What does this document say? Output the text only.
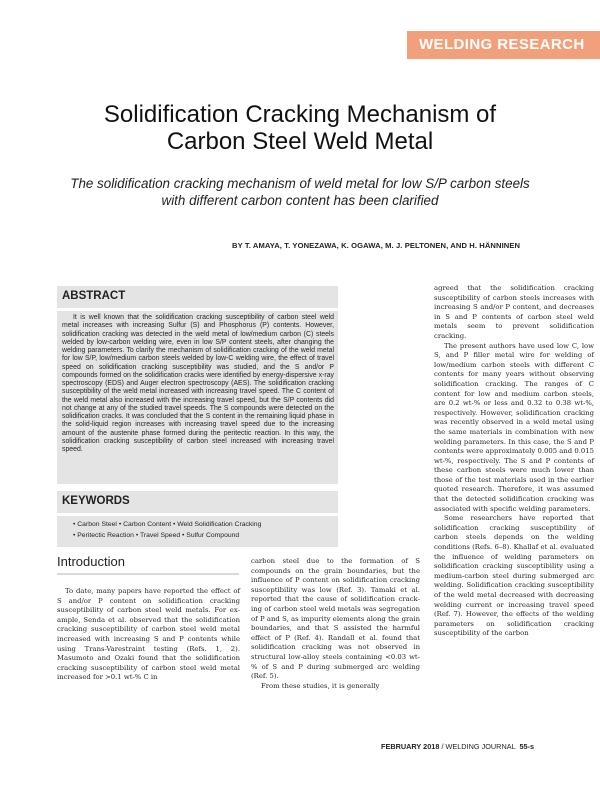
WELDING RESEARCH
Solidification Cracking Mechanism of
Carbon Steel Weld Metal
The solidification cracking mechanism of weld metal for low S/P carbon steels
with different carbon content has been clarified
BY T. AMAYA, T. YONEZAWA, K. OGAWA, M. J. PELTONEN, AND H. HÄNNINEN
ABSTRACT
It is well known that the solidification cracking susceptibility of carbon steel weld metal increases with increasing Sulfur (S) and Phosphorus (P) contents. However, solidification cracking was detected in the weld metal of low/medium carbon (C) steels welded by low-carbon welding wire, even in low S/P content steels, after changing the welding parameters. To clarify the mechanism of solidification cracking of the weld metal for low S/P, low/medium carbon steels welded by low-C welding wire, the effect of travel speed on solidification cracking susceptibility was studied, and the S and/or P compounds formed on the solidification cracks were identified by energy-dispersive x-ray spectroscopy (EDS) and Auger electron spectroscopy (AES). The solidification cracking susceptibility of the weld metal increased with increasing travel speed. The C content of the weld metal also increased with the increasing travel speed, but the S/P contents did not change at any of the studied travel speeds. The S compounds were detected on the solidification cracks. It was concluded that the S content in the remaining liquid phase in the solid-liquid region increases with increasing travel speed due to the increasing amount of the austenite phase formed during the peritectic reaction. In this way, the solidification cracking susceptibility of carbon steel increased with increasing travel speed.
KEYWORDS
• Carbon Steel • Carbon Content • Weld Solidification Cracking
• Peritectic Reaction • Travel Speed • Sulfur Compound
Introduction

To date, many papers have reported the effect of S and/or P content on solidification cracking susceptibility of carbon steel weld metals. For example, Senda et al. observed that the solidification cracking susceptibility of carbon steel weld metal increased with increasing S and P contents while using Trans-Varestraint testing (Refs. 1, 2). Masumoto and Ozaki found that the solidification cracking susceptibility of carbon steel weld metal increased for >0.1 wt-% C in

carbon steel due to the formation of S compounds on the grain boundaries, but the influence of P content on solidification cracking susceptibility was low (Ref. 3). Tamaki et al. reported that the cause of solidification cracking of carbon steel weld metals was segregation of P and S, as impurity elements along the grain boundaries, and that S assisted the harmful effect of P (Ref. 4). Randall et al. found that solidification cracking was not observed in structural low-alloy steels containing <0.03 wt-% of S and P during submerged arc welding (Ref. 5).

From these studies, it is generally

agreed that the solidification cracking susceptibility of carbon steels increases with increasing S and/or P content, and decreases in S and P contents of carbon steel weld metals seem to prevent solidification cracking.

The present authors have used low C, low S, and P filler metal wire for welding of low/medium carbon steels with different C contents for many years without observing solidification cracking. The ranges of C content for low and medium carbon steels, are 0.2 wt-% or less and 0.32 to 0.38 wt-%, respectively. However, solidification cracking was recently observed in a weld metal using the same materials in combination with new welding parameters. In this case, the S and P contents were approximately 0.005 and 0.015 wt-%, respectively. The S and P contents of these carbon steels were much lower than those of the test materials used in the earlier quoted research. Therefore, it was assumed that the detected solidification cracking was associated with specific welding parameters.

Some researchers have reported that solidification cracking susceptibility of carbon steels depends on the welding conditions (Refs. 6–8). Khallaf et al. evaluated the influence of welding parameters on solidification cracking susceptibility using a medium-carbon steel during submerged arc welding. Solidification cracking susceptibility of the weld metal decreased with decreasing welding current or increasing travel speed (Ref. 7). However, the effects of the welding parameters on solidification cracking susceptibility of the carbon

FEBRUARY 2018 / WELDING JOURNAL 55-s
